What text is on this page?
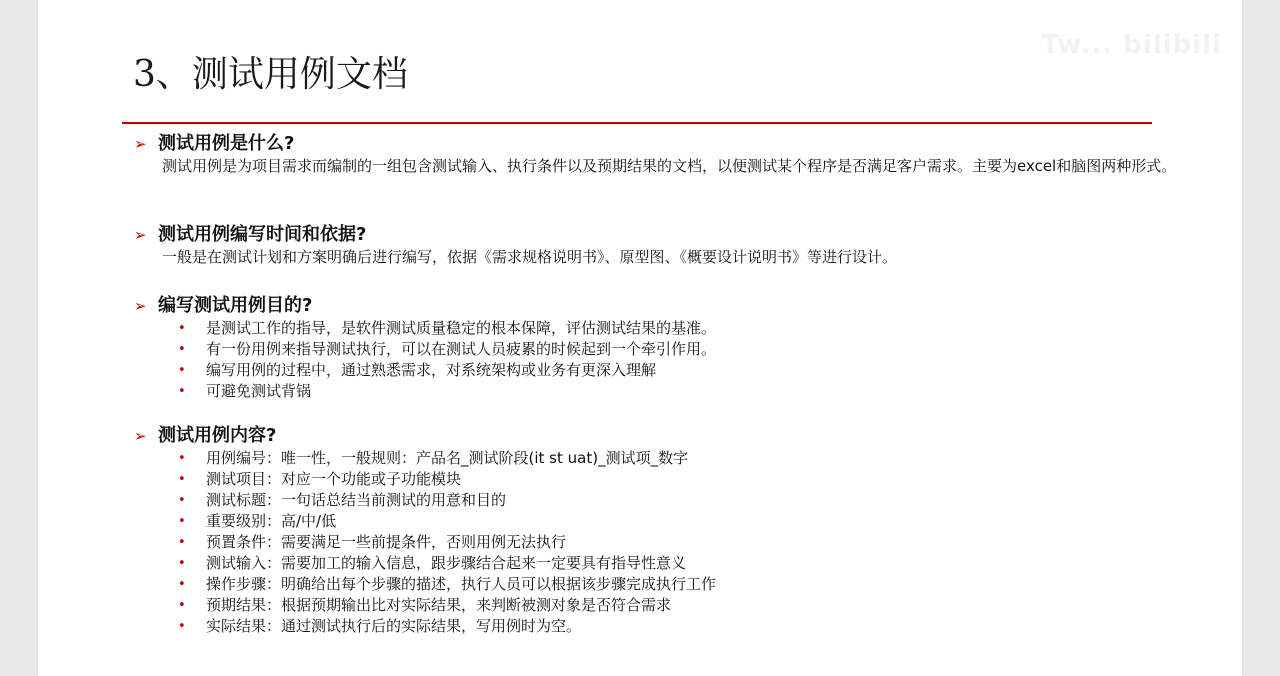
Tw... bilibili
3、测试用例文档
➢ 测试用例是什么?

测试用例是为项目需求而编制的一组包含测试输入、执行条件以及预期结果的文档，以便测试某个程序是否满足客户需求。主要为excel和脑图两种形式。

➢ 测试用例编写时间和依据?

一般是在测试计划和方案明确后进行编写，依据《需求规格说明书》、原型图、《概要设计说明书》等进行设计。

➢ 编写测试用例目的?
• 是测试工作的指导，是软件测试质量稳定的根本保障，评估测试结果的基准。
• 有一份用例来指导测试执行，可以在测试人员疲累的时候起到一个牵引作用。
• 编写用例的过程中，通过熟悉需求，对系统架构或业务有更深入理解
• 可避免测试背锅
➢ 测试用例内容?
• 用例编号：唯一性，一般规则：产品名_测试阶段(it st uat)_测试项_数字
• 测试项目：对应一个功能或子功能模块
• 测试标题：一句话总结当前测试的用意和目的
• 重要级别：高/中/低
• 预置条件：需要满足一些前提条件，否则用例无法执行
• 测试输入：需要加工的输入信息，跟步骤结合起来一定要具有指导性意义
• 操作步骤：明确给出每个步骤的描述，执行人员可以根据该步骤完成执行工作
• 预期结果：根据预期输出比对实际结果，来判断被测对象是否符合需求
• 实际结果：通过测试执行后的实际结果，写用例时为空。
